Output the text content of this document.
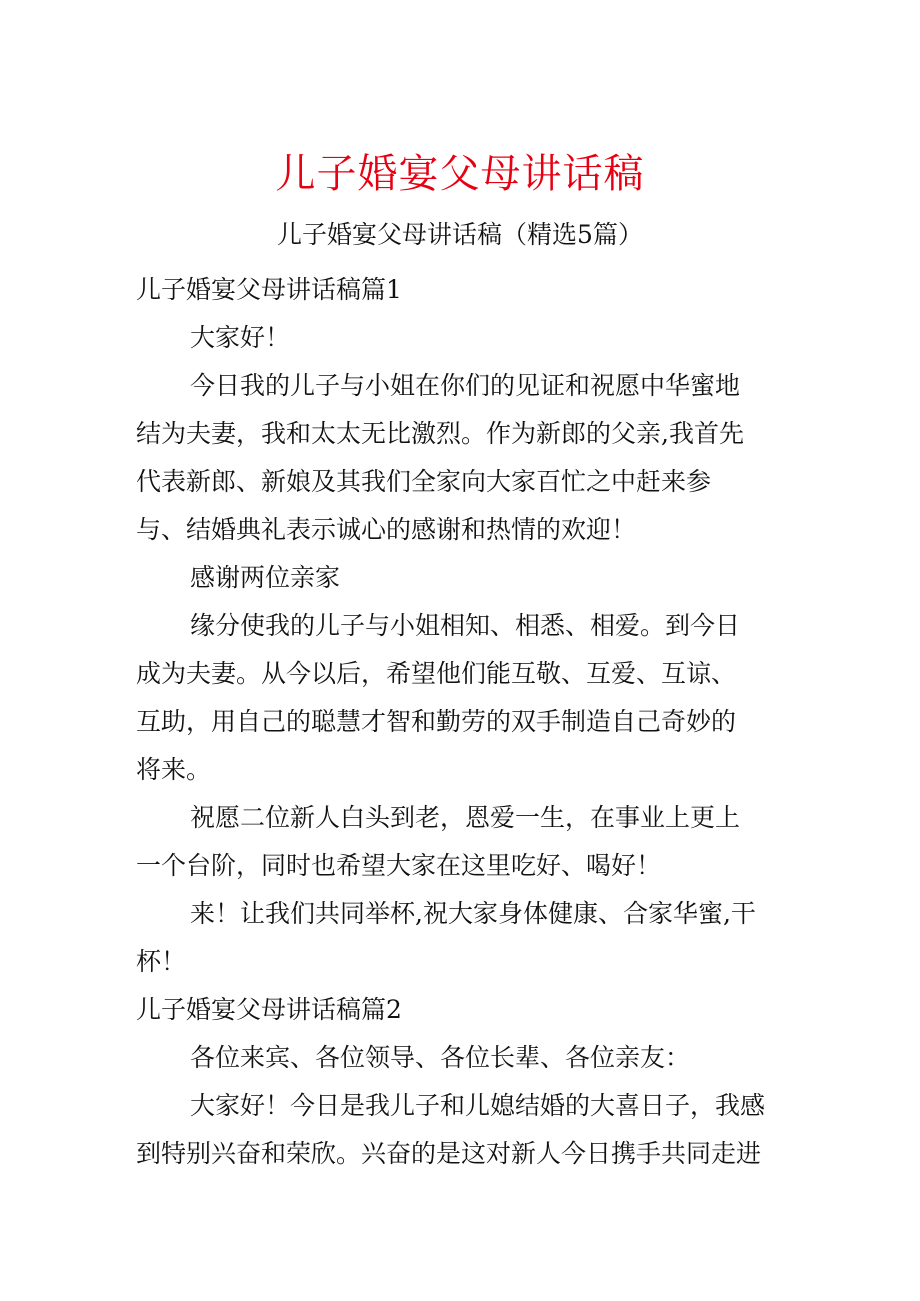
儿子婚宴父母讲话稿
儿子婚宴父母讲话稿（精选5篇）
儿子婚宴父母讲话稿篇1
大家好！
今日我的儿子与小姐在你们的见证和祝愿中华蜜地
结为夫妻，我和太太无比激烈。作为新郎的父亲,我首先
代表新郎、新娘及其我们全家向大家百忙之中赶来参
与、结婚典礼表示诚心的感谢和热情的欢迎！
感谢两位亲家
缘分使我的儿子与小姐相知、相悉、相爱。到今日
成为夫妻。从今以后，希望他们能互敬、互爱、互谅、
互助，用自己的聪慧才智和勤劳的双手制造自己奇妙的
将来。
祝愿二位新人白头到老，恩爱一生，在事业上更上
一个台阶，同时也希望大家在这里吃好、喝好！
来！让我们共同举杯,祝大家身体健康、合家华蜜,干
杯！
儿子婚宴父母讲话稿篇2
各位来宾、各位领导、各位长辈、各位亲友：
大家好！今日是我儿子和儿媳结婚的大喜日子，我感
到特别兴奋和荣欣。兴奋的是这对新人今日携手共同走进
